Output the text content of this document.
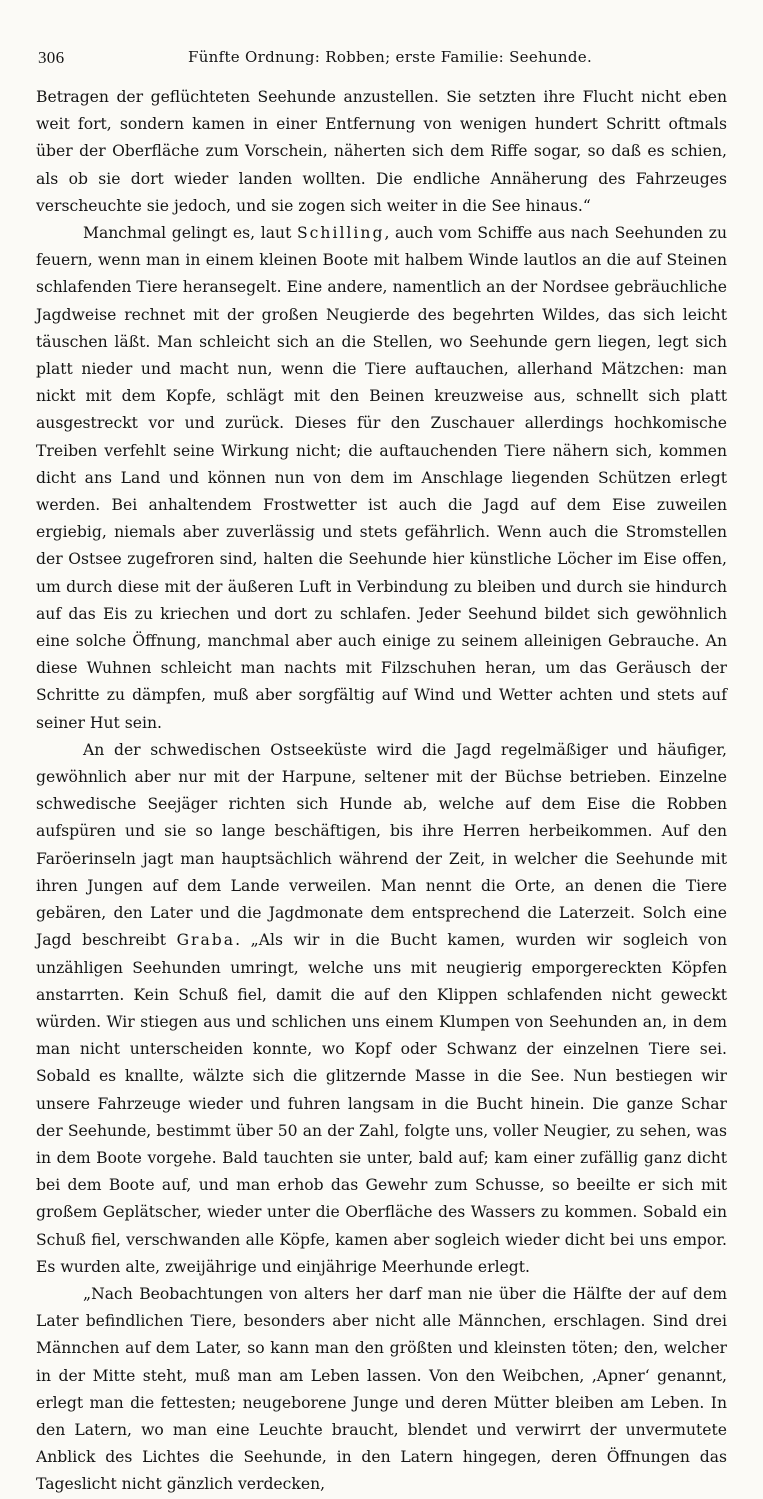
306	Fünfte Ordnung: Robben; erste Familie: Seehunde.

Betragen der geflüchteten Seehunde anzustellen. Sie setzten ihre Flucht nicht eben weit fort, sondern kamen in einer Entfernung von wenigen hundert Schritt oftmals über der Oberfläche zum Vorschein, näherten sich dem Riffe sogar, so daß es schien, als ob sie dort wieder landen wollten. Die endliche Annäherung des Fahrzeuges verscheuchte sie jedoch, und sie zogen sich weiter in die See hinaus.“

Manchmal gelingt es, laut Schilling, auch vom Schiffe aus nach Seehunden zu feuern, wenn man in einem kleinen Boote mit halbem Winde lautlos an die auf Steinen schlafenden Tiere heransegelt. Eine andere, namentlich an der Nordsee gebräuchliche Jagdweise rechnet mit der großen Neugierde des begehrten Wildes, das sich leicht täuschen läßt. Man schleicht sich an die Stellen, wo Seehunde gern liegen, legt sich platt nieder und macht nun, wenn die Tiere auftauchen, allerhand Mätzchen: man nickt mit dem Kopfe, schlägt mit den Beinen kreuzweise aus, schnellt sich platt ausgestreckt vor und zurück. Dieses für den Zuschauer allerdings hochkomische Treiben verfehlt seine Wirkung nicht; die auftauchenden Tiere nähern sich, kommen dicht ans Land und können nun von dem im Anschlage liegenden Schützen erlegt werden. Bei anhaltendem Frostwetter ist auch die Jagd auf dem Eise zuweilen ergiebig, niemals aber zuverlässig und stets gefährlich. Wenn auch die Stromstellen der Ostsee zugefroren sind, halten die Seehunde hier künstliche Löcher im Eise offen, um durch diese mit der äußeren Luft in Verbindung zu bleiben und durch sie hindurch auf das Eis zu kriechen und dort zu schlafen. Jeder Seehund bildet sich gewöhnlich eine solche Öffnung, manchmal aber auch einige zu seinem alleinigen Gebrauche. An diese Wuhnen schleicht man nachts mit Filzschuhen heran, um das Geräusch der Schritte zu dämpfen, muß aber sorgfältig auf Wind und Wetter achten und stets auf seiner Hut sein.

An der schwedischen Ostseeküste wird die Jagd regelmäßiger und häufiger, gewöhnlich aber nur mit der Harpune, seltener mit der Büchse betrieben. Einzelne schwedische Seejäger richten sich Hunde ab, welche auf dem Eise die Robben aufspüren und sie so lange beschäftigen, bis ihre Herren herbeikommen. Auf den Faröerinseln jagt man hauptsächlich während der Zeit, in welcher die Seehunde mit ihren Jungen auf dem Lande verweilen. Man nennt die Orte, an denen die Tiere gebären, den Later und die Jagdmonate dem entsprechend die Laterzeit. Solch eine Jagd beschreibt Graba. „Als wir in die Bucht kamen, wurden wir sogleich von unzähligen Seehunden umringt, welche uns mit neugierig emporgereckten Köpfen anstarrten. Kein Schuß fiel, damit die auf den Klippen schlafenden nicht geweckt würden. Wir stiegen aus und schlichen uns einem Klumpen von Seehunden an, in dem man nicht unterscheiden konnte, wo Kopf oder Schwanz der einzelnen Tiere sei. Sobald es knallte, wälzte sich die glitzernde Masse in die See. Nun bestiegen wir unsere Fahrzeuge wieder und fuhren langsam in die Bucht hinein. Die ganze Schar der Seehunde, bestimmt über 50 an der Zahl, folgte uns, voller Neugier, zu sehen, was in dem Boote vorgehe. Bald tauchten sie unter, bald auf; kam einer zufällig ganz dicht bei dem Boote auf, und man erhob das Gewehr zum Schusse, so beeilte er sich mit großem Geplätscher, wieder unter die Oberfläche des Wassers zu kommen. Sobald ein Schuß fiel, verschwanden alle Köpfe, kamen aber sogleich wieder dicht bei uns empor. Es wurden alte, zweijährige und einjährige Meerhunde erlegt.

„Nach Beobachtungen von alters her darf man nie über die Hälfte der auf dem Later befindlichen Tiere, besonders aber nicht alle Männchen, erschlagen. Sind drei Männchen auf dem Later, so kann man den größten und kleinsten töten; den, welcher in der Mitte steht, muß man am Leben lassen. Von den Weibchen, ‚Apner‘ genannt, erlegt man die fettesten; neugeborene Junge und deren Mütter bleiben am Leben. In den Latern, wo man eine Leuchte braucht, blendet und verwirrt der unvermutete Anblick des Lichtes die Seehunde, in den Latern hingegen, deren Öffnungen das Tageslicht nicht gänzlich verdecken,
